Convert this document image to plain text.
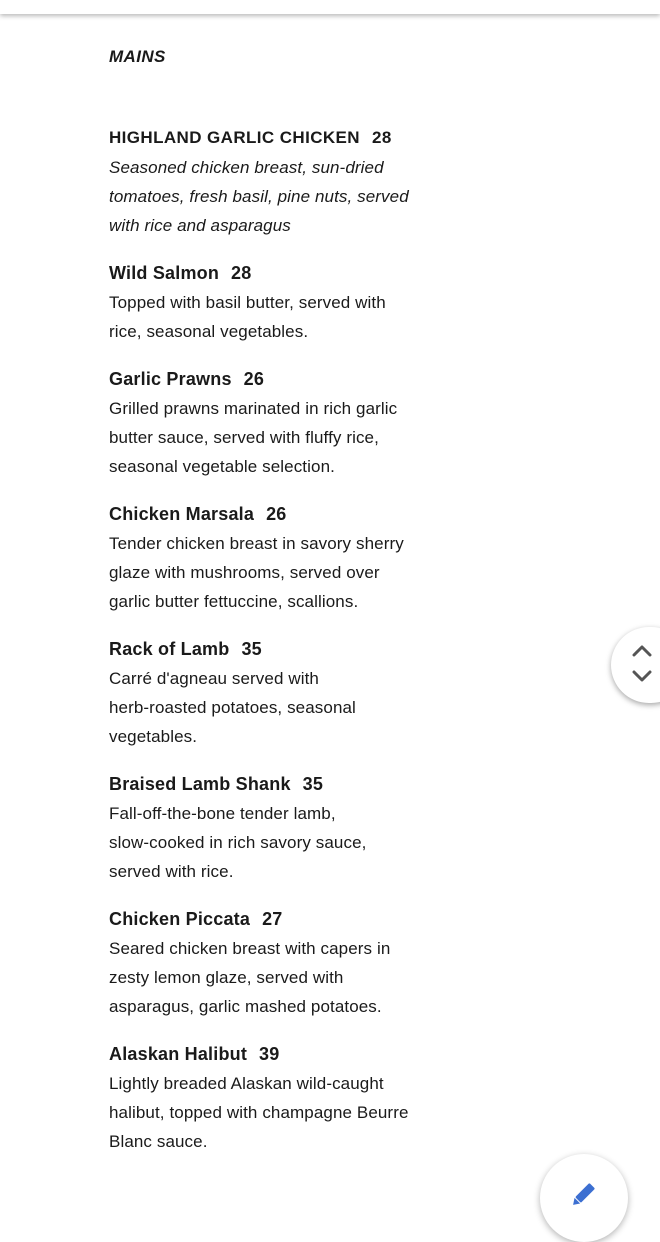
MAINS
HIGHLAND GARLIC CHICKEN 28
Seasoned chicken breast, sun-dried
tomatoes, fresh basil, pine nuts, served
with rice and asparagus
Wild Salmon 28
Topped with basil butter, served with
rice, seasonal vegetables.
Garlic Prawns 26
Grilled prawns marinated in rich garlic
butter sauce, served with fluffy rice,
seasonal vegetable selection.
Chicken Marsala 26
Tender chicken breast in savory sherry
glaze with mushrooms, served over
garlic butter fettuccine, scallions.
Rack of Lamb 35
Carré d'agneau served with
herb-roasted potatoes, seasonal
vegetables.
Braised Lamb Shank 35
Fall-off-the-bone tender lamb,
slow-cooked in rich savory sauce,
served with rice.
Chicken Piccata 27
Seared chicken breast with capers in
zesty lemon glaze, served with
asparagus, garlic mashed potatoes.
Alaskan Halibut 39
Lightly breaded Alaskan wild-caught
halibut, topped with champagne Beurre
Blanc sauce.
